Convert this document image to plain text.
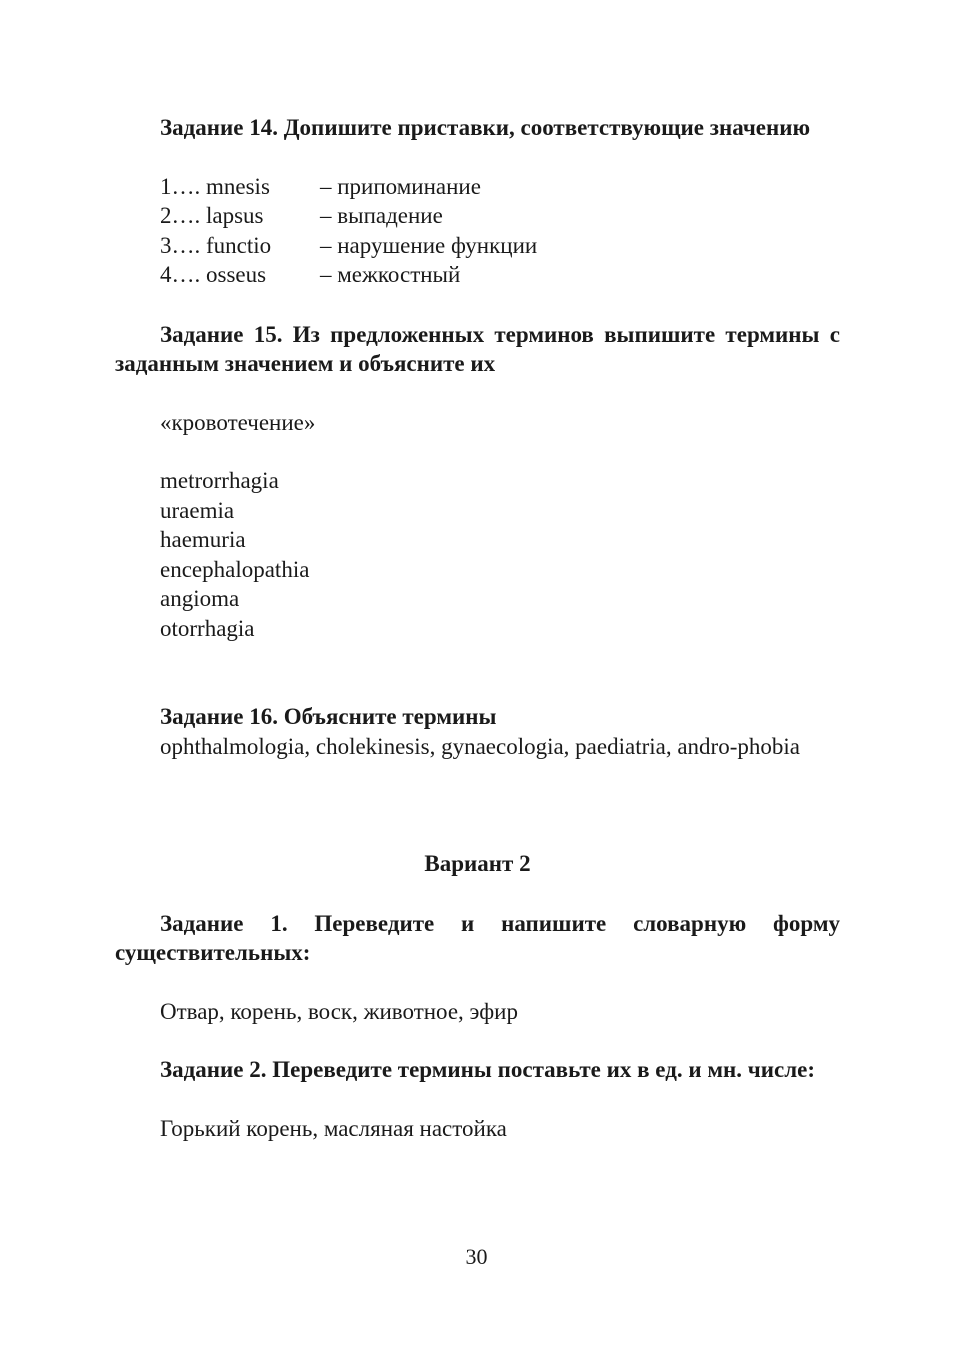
Задание 14. Допишите приставки, соответствующие значению

1…. mnesis	– припоминание
2…. lapsus	– выпадение
3…. functio	– нарушение функции
4…. osseus	– межкостный

Задание 15. Из предложенных терминов выпишите термины с заданным значением и объясните их

«кровотечение»
metrorrhagia
uraemia
haemuria
encephalopathia
angioma
otorrhagia

Задание 16. Объясните термины

ophthalmologia, cholekinesis, gynaecologia, paediatria, andro-phobia

Вариант 2

Задание 1. Переведите и напишите словарную форму существительных:

Отвар, корень, воск, животное, эфир

Задание 2. Переведите термины поставьте их в ед. и мн. числе:

Горький корень, масляная настойка
30
